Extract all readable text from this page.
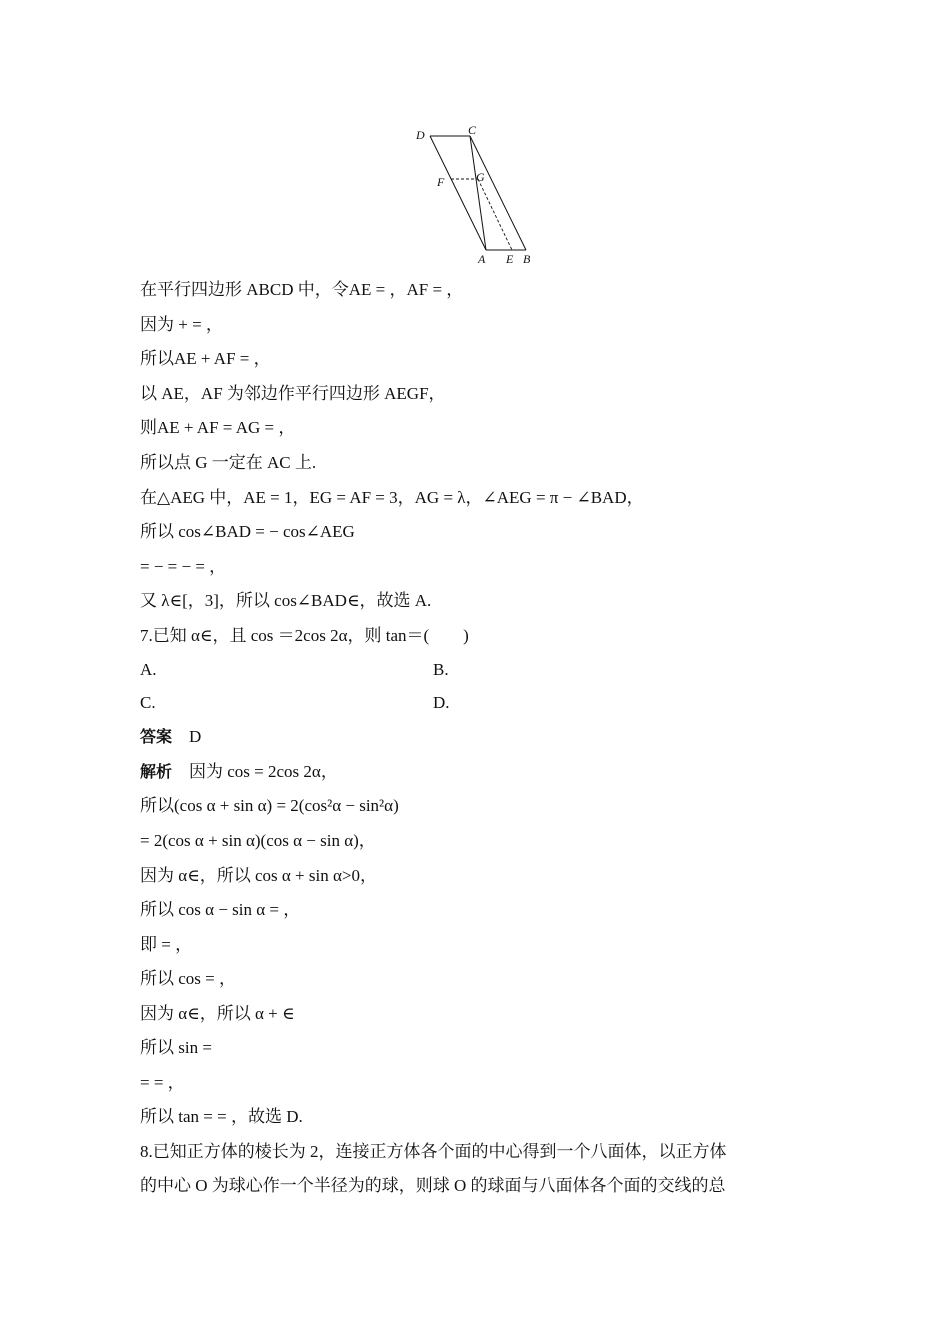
D	C
F	G
A E B
在平行四边形 ABCD 中，令AE = ，AF = ，
因为 + = ，
所以AE + AF = ，
以 AE，AF 为邻边作平行四边形 AEGF，
则AE + AF = AG = ，
所以点 G 一定在 AC 上.
在△AEG 中，AE = 1，EG = AF = 3，AG = λ，∠AEG = π − ∠BAD，
所以 cos∠BAD = − cos∠AEG
= − = − = ，
又 λ∈[，3]，所以 cos∠BAD∈，故选 A.
7.已知 α∈，且 cos ＝2cos 2α，则 tan＝(　　)
A.	B.
C.	D.
答案　 D
解析　 因为 cos = 2cos 2α，
所以(cos α + sin α) = 2(cos²α − sin²α)
= 2(cos α + sin α)(cos α − sin α)，
因为 α∈，所以 cos α + sin α>0，
所以 cos α − sin α = ，
即 = ，
所以 cos = ，
因为 α∈，所以 α + ∈
所以 sin =
= = ，
所以 tan = = ，故选 D.
8.已知正方体的棱长为 2，连接正方体各个面的中心得到一个八面体，以正方体
的中心 O 为球心作一个半径为的球，则球 O 的球面与八面体各个面的交线的总
